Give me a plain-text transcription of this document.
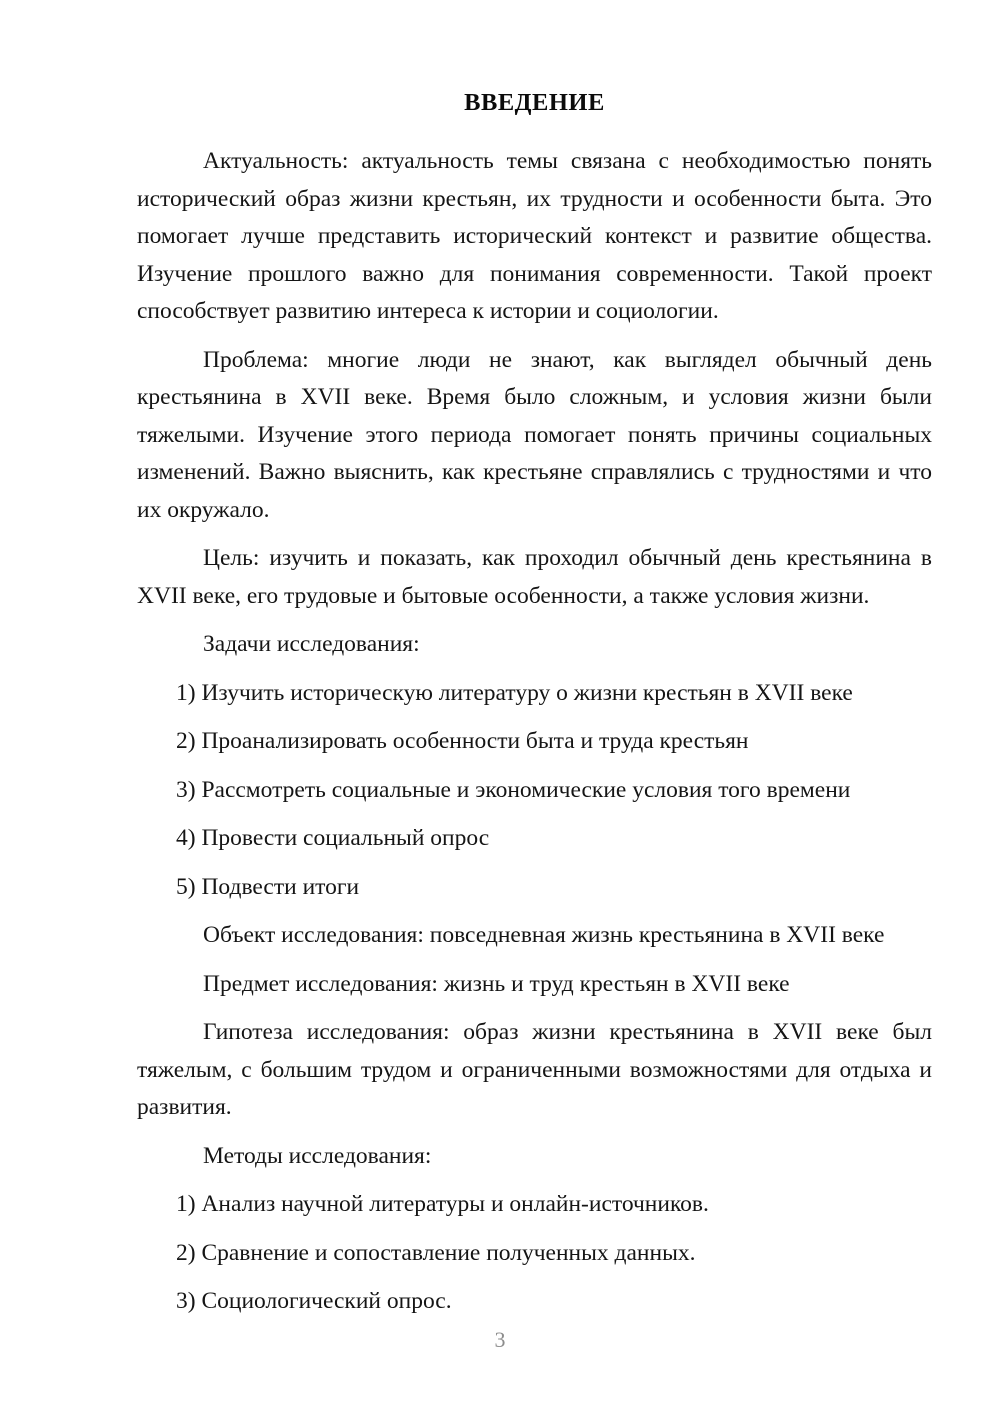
ВВЕДЕНИЕ

Актуальность: актуальность темы связана с необходимостью понять исторический образ жизни крестьян, их трудности и особенности быта. Это помогает лучше представить исторический контекст и развитие общества. Изучение прошлого важно для понимания современности. Такой проект способствует развитию интереса к истории и социологии.

Проблема: многие люди не знают, как выглядел обычный день крестьянина в XVII веке. Время было сложным, и условия жизни были тяжелыми. Изучение этого периода помогает понять причины социальных изменений. Важно выяснить, как крестьяне справлялись с трудностями и что их окружало.

Цель: изучить и показать, как проходил обычный день крестьянина в XVII веке, его трудовые и бытовые особенности, а также условия жизни.

Задачи исследования:

1) Изучить историческую литературу о жизни крестьян в XVII веке

2) Проанализировать особенности быта и труда крестьян

3) Рассмотреть социальные и экономические условия того времени

4) Провести социальный опрос

5) Подвести итоги

Объект исследования: повседневная жизнь крестьянина в XVII веке

Предмет исследования: жизнь и труд крестьян в XVII веке

Гипотеза исследования: образ жизни крестьянина в XVII веке был тяжелым, с большим трудом и ограниченными возможностями для отдыха и развития.

Методы исследования:

1) Анализ научной литературы и онлайн-источников.

2) Сравнение и сопоставление полученных данных.

3) Социологический опрос.

3
